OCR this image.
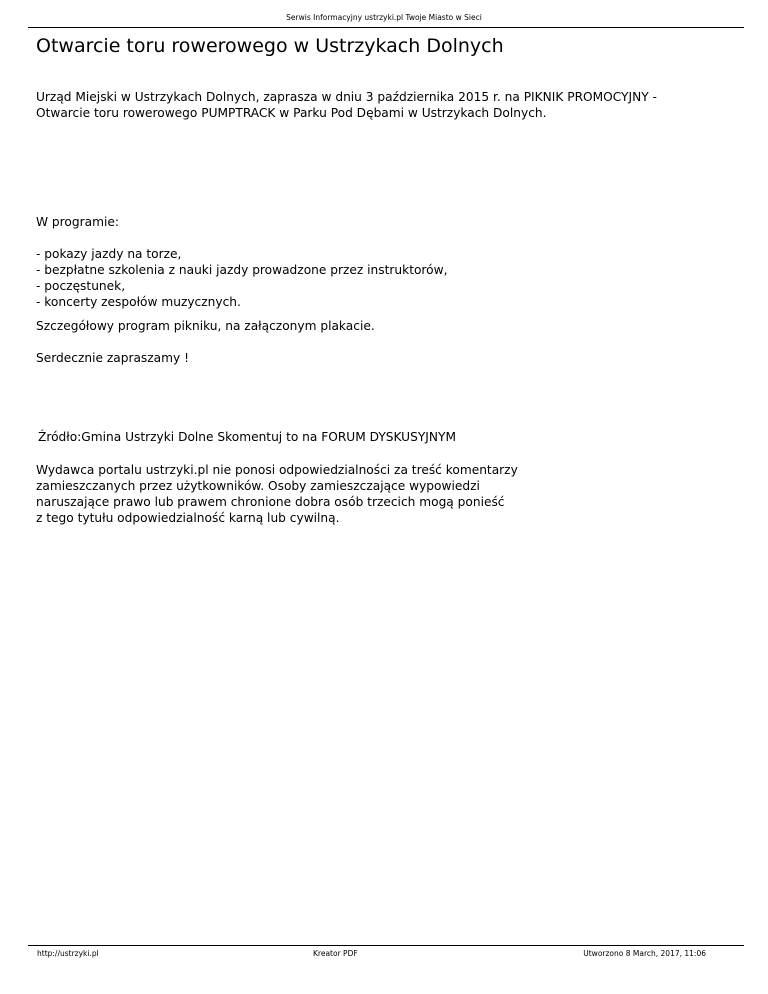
Serwis Informacyjny ustrzyki.pl Twoje Miasto w Sieci
Otwarcie toru rowerowego w Ustrzykach Dolnych
Urząd Miejski w Ustrzykach Dolnych, zaprasza w dniu 3 października 2015 r. na PIKNIK PROMOCYJNY -
Otwarcie toru rowerowego PUMPTRACK w Parku Pod Dębami w Ustrzykach Dolnych.

W programie:

- pokazy jazdy na torze,
- bezpłatne szkolenia z nauki jazdy prowadzone przez instruktorów,
- poczęstunek,
- koncerty zespołów muzycznych.

Szczegółowy program pikniku, na załączonym plakacie.

Serdecznie zapraszamy !

Źródło:Gmina Ustrzyki Dolne Skomentuj to na FORUM DYSKUSYJNYM

Wydawca portalu ustrzyki.pl nie ponosi odpowiedzialności za treść komentarzy
zamieszczanych przez użytkowników. Osoby zamieszczające wypowiedzi
naruszające prawo lub prawem chronione dobra osób trzecich mogą ponieść
z tego tytułu odpowiedzialność karną lub cywilną.
http://ustrzyki.pl	Kreator PDF	Utworzono 8 March, 2017, 11:06
